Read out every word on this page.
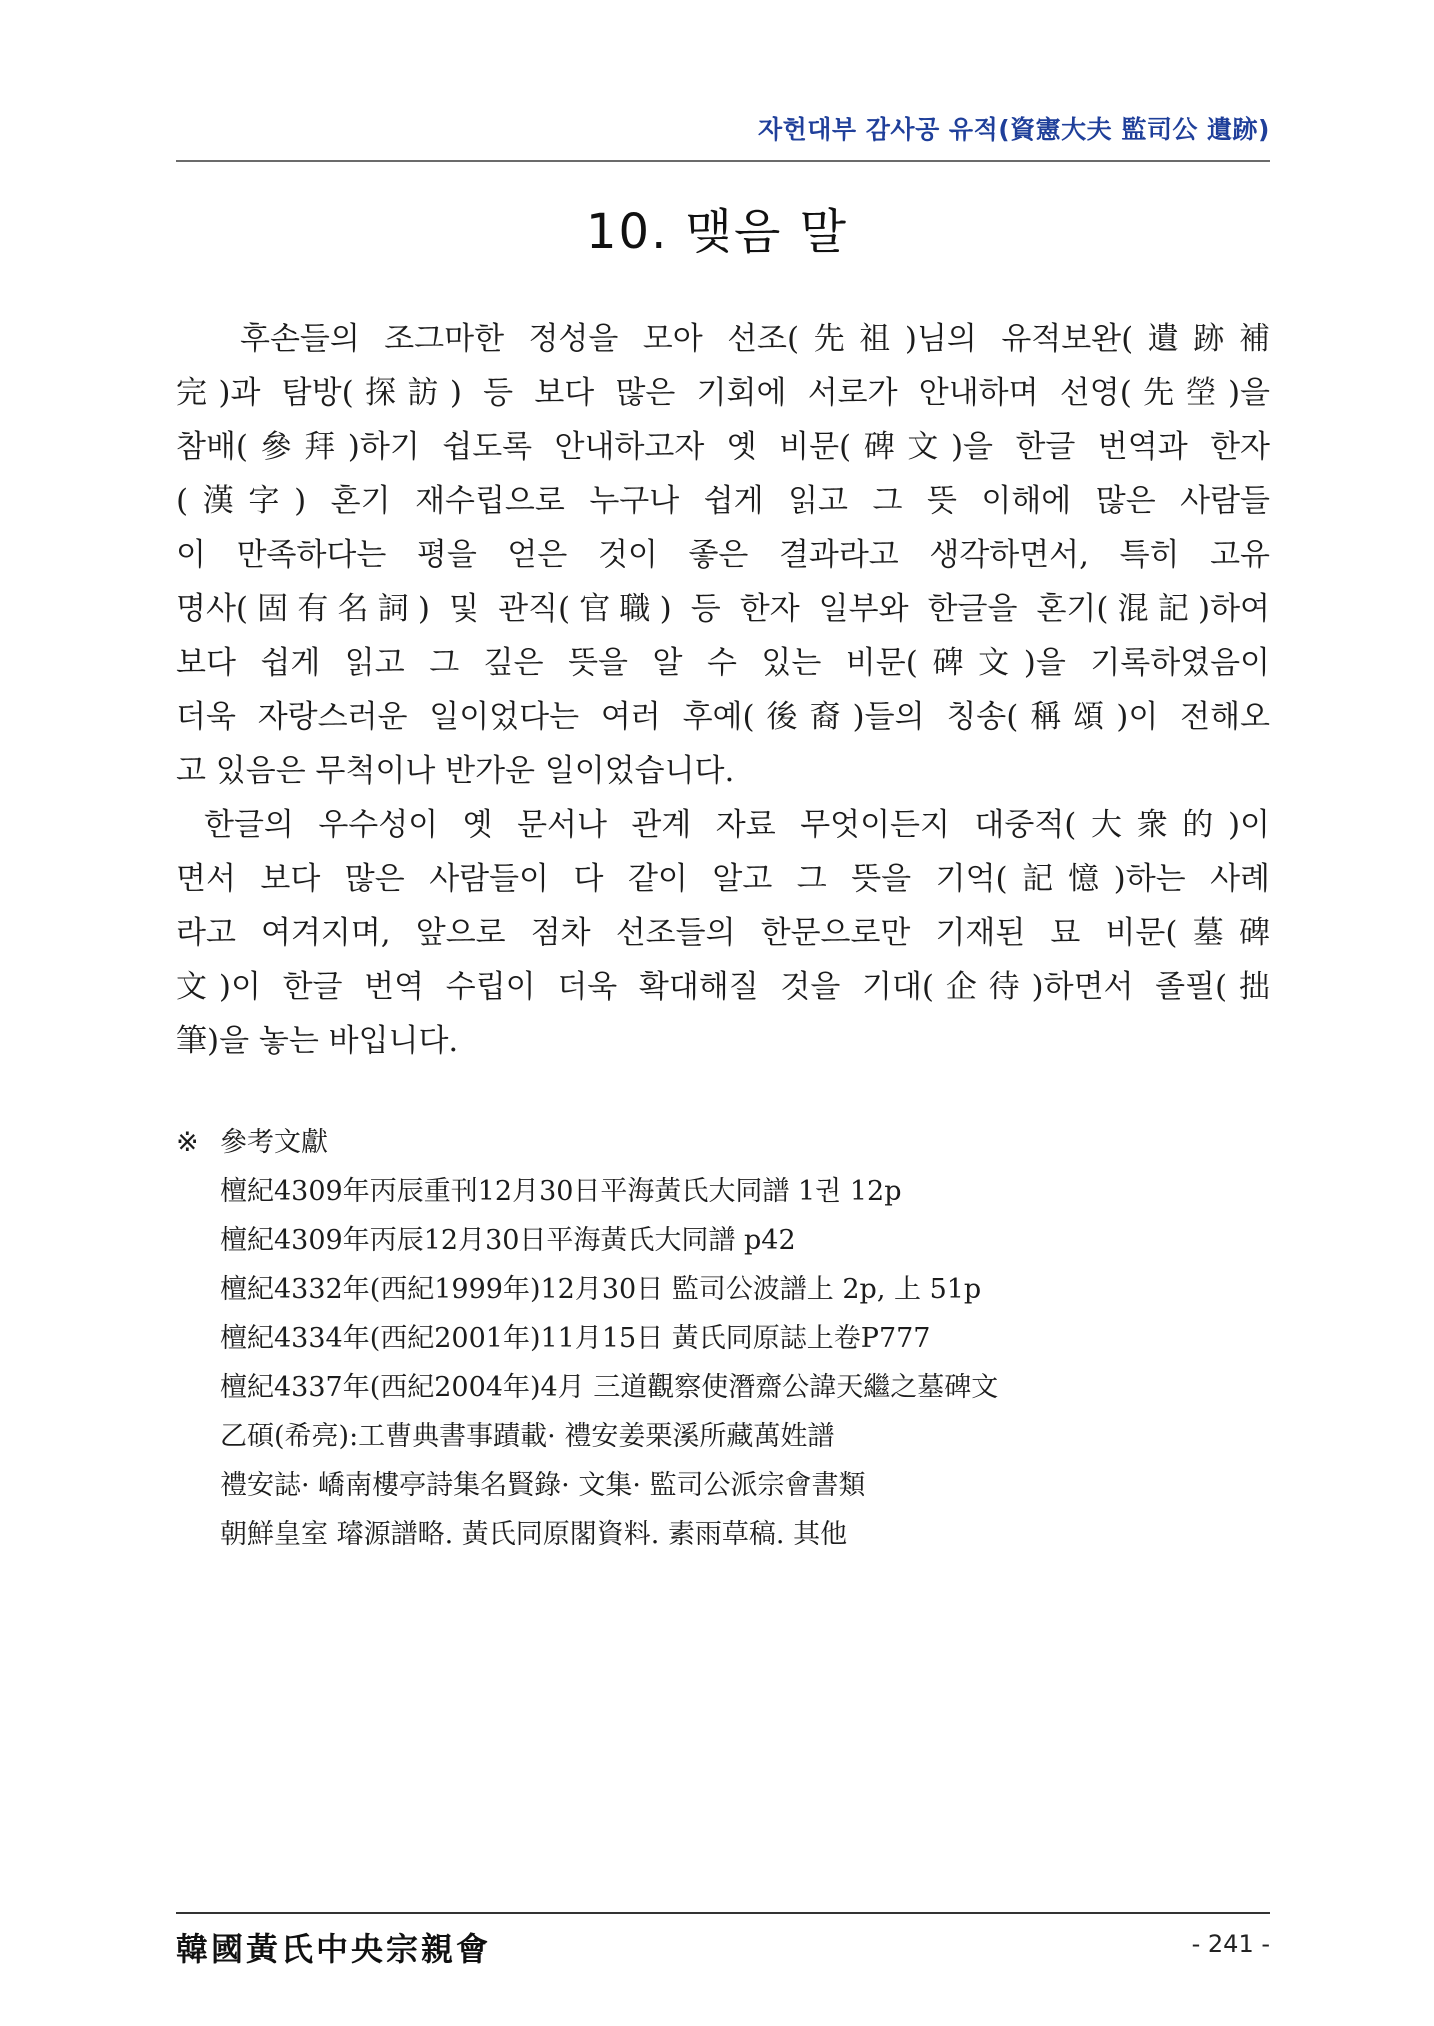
자헌대부 감사공 유적(資憲大夫 監司公 遺跡)
10. 맺음 말

후손들의 조그마한 정성을 모아 선조(先祖)님의 유적보완(遺跡補
完)과 탐방(探訪) 등 보다 많은 기회에 서로가 안내하며 선영(先塋)을
참배(參拜)하기 쉽도록 안내하고자 옛 비문(碑文)을 한글 번역과 한자
(漢字) 혼기 재수립으로 누구나 쉽게 읽고 그 뜻 이해에 많은 사람들
이 만족하다는 평을 얻은 것이 좋은 결과라고 생각하면서, 특히 고유
명사(固有名詞) 및 관직(官職) 등 한자 일부와 한글을 혼기(混記)하여
보다 쉽게 읽고 그 깊은 뜻을 알 수 있는 비문(碑文)을 기록하였음이
더욱 자랑스러운 일이었다는 여러 후예(後裔)들의 칭송(稱頌)이 전해오
고 있음은 무척이나 반가운 일이었습니다.

한글의 우수성이 옛 문서나 관계 자료 무엇이든지 대중적(大衆的)이
면서 보다 많은 사람들이 다 같이 알고 그 뜻을 기억(記憶)하는 사례
라고 여겨지며, 앞으로 점차 선조들의 한문으로만 기재된 묘 비문(墓碑
文)이 한글 번역 수립이 더욱 확대해질 것을 기대(企待)하면서 졸필(拙
筆)을 놓는 바입니다.

※ 參考文獻
檀紀4309年丙辰重刊12月30日平海黃氏大同譜 1권 12p
檀紀4309年丙辰12月30日平海黃氏大同譜 p42
檀紀4332年(西紀1999年)12月30日 監司公波譜上 2p, 上 51p
檀紀4334年(西紀2001年)11月15日 黃氏同原誌上卷P777
檀紀4337年(西紀2004年)4月 三道觀察使潛齋公諱天繼之墓碑文
乙碩(希亮):工曹典書事蹟載· 禮安姜栗溪所藏萬姓譜
禮安誌· 嶠南樓亭詩集名賢錄· 文集· 監司公派宗會書類
朝鮮皇室 璿源譜略. 黃氏同原閣資料. 素雨草稿. 其他
韓國黃氏中央宗親會	- 241 -
